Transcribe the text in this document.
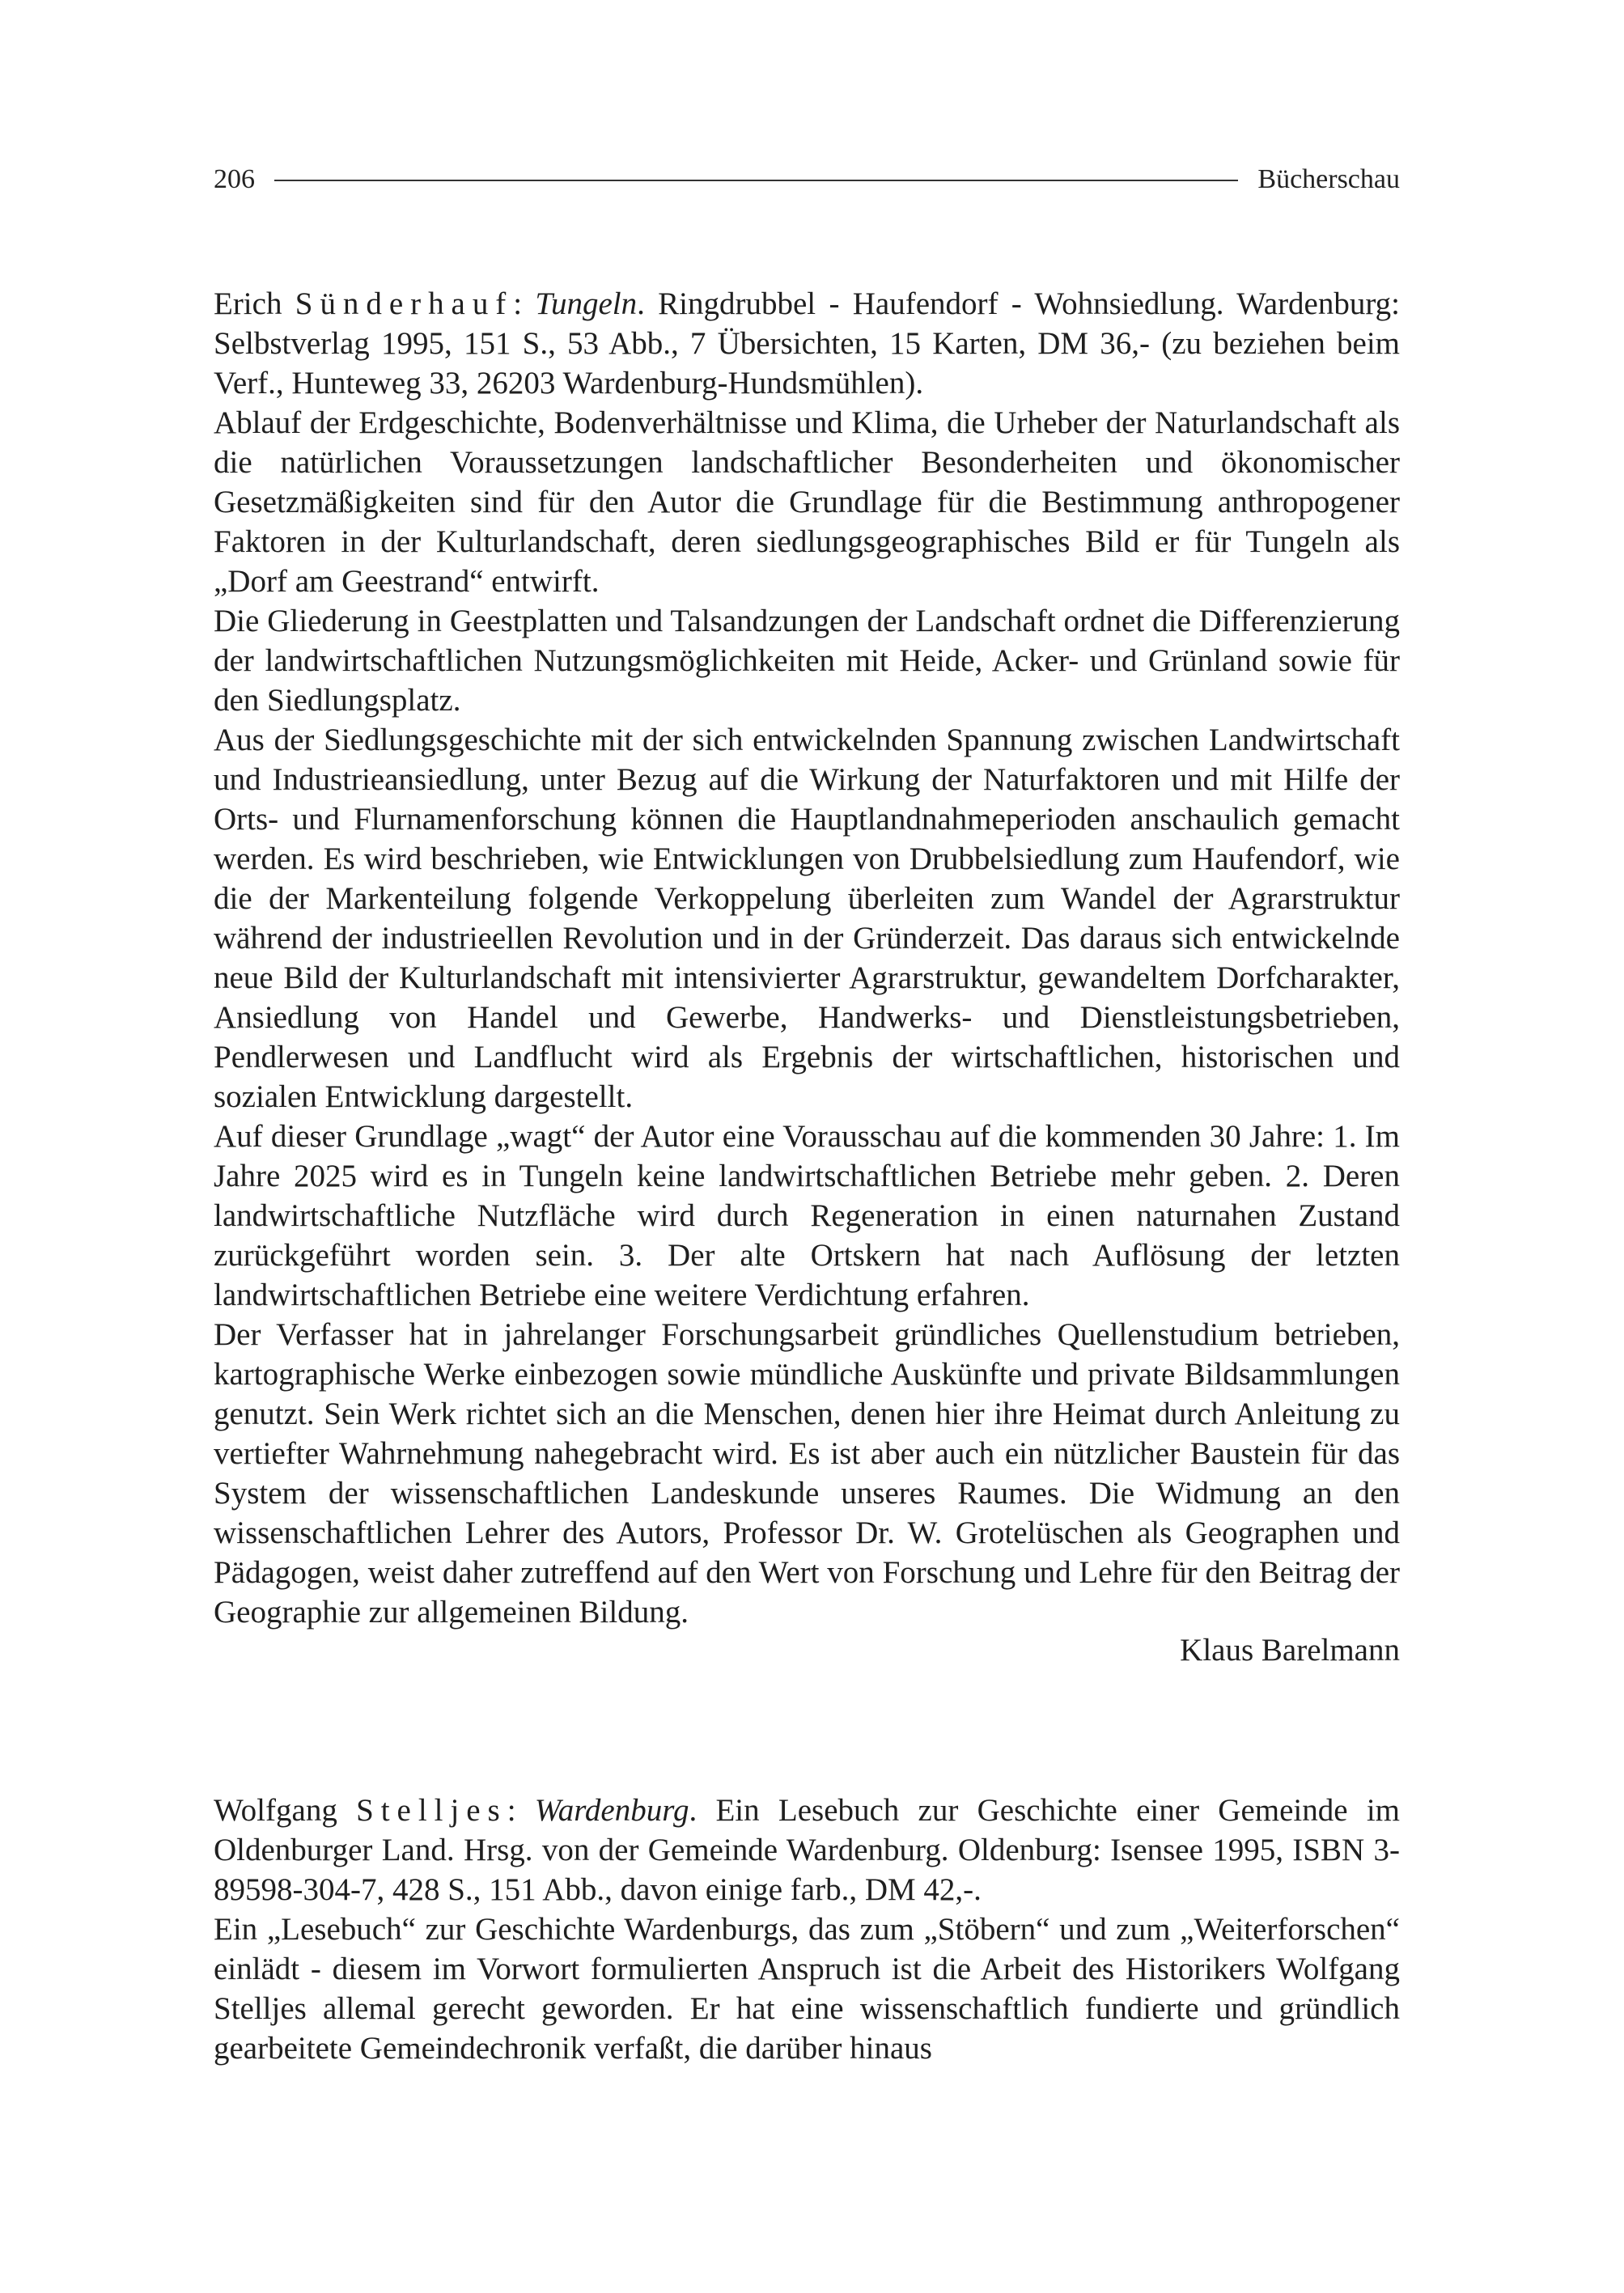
206	Bücherschau

Erich Sünderhauf: Tungeln. Ringdrubbel - Haufendorf - Wohnsiedlung. Wardenburg: Selbstverlag 1995, 151 S., 53 Abb., 7 Übersichten, 15 Karten, DM 36,- (zu beziehen beim Verf., Hunteweg 33, 26203 Wardenburg-Hundsmühlen).

Ablauf der Erdgeschichte, Bodenverhältnisse und Klima, die Urheber der Naturlandschaft als die natürlichen Voraussetzungen landschaftlicher Besonderheiten und ökonomischer Gesetzmäßigkeiten sind für den Autor die Grundlage für die Bestimmung anthropogener Faktoren in der Kulturlandschaft, deren siedlungsgeographisches Bild er für Tungeln als „Dorf am Geestrand“ entwirft.

Die Gliederung in Geestplatten und Talsandzungen der Landschaft ordnet die Differenzierung der landwirtschaftlichen Nutzungsmöglichkeiten mit Heide, Acker- und Grünland sowie für den Siedlungsplatz.

Aus der Siedlungsgeschichte mit der sich entwickelnden Spannung zwischen Landwirtschaft und Industrieansiedlung, unter Bezug auf die Wirkung der Naturfaktoren und mit Hilfe der Orts- und Flurnamenforschung können die Hauptlandnahmeperioden anschaulich gemacht werden. Es wird beschrieben, wie Entwicklungen von Drubbelsiedlung zum Haufendorf, wie die der Markenteilung folgende Verkoppelung überleiten zum Wandel der Agrarstruktur während der industrieellen Revolution und in der Gründerzeit. Das daraus sich entwickelnde neue Bild der Kulturlandschaft mit intensivierter Agrarstruktur, gewandeltem Dorfcharakter, Ansiedlung von Handel und Gewerbe, Handwerks- und Dienstleistungsbetrieben, Pendlerwesen und Landflucht wird als Ergebnis der wirtschaftlichen, historischen und sozialen Entwicklung dargestellt.

Auf dieser Grundlage „wagt“ der Autor eine Vorausschau auf die kommenden 30 Jahre: 1. Im Jahre 2025 wird es in Tungeln keine landwirtschaftlichen Betriebe mehr geben. 2. Deren landwirtschaftliche Nutzfläche wird durch Regeneration in einen naturnahen Zustand zurückgeführt worden sein. 3. Der alte Ortskern hat nach Auflösung der letzten landwirtschaftlichen Betriebe eine weitere Verdichtung erfahren.

Der Verfasser hat in jahrelanger Forschungsarbeit gründliches Quellenstudium betrieben, kartographische Werke einbezogen sowie mündliche Auskünfte und private Bildsammlungen genutzt. Sein Werk richtet sich an die Menschen, denen hier ihre Heimat durch Anleitung zu vertiefter Wahrnehmung nahegebracht wird. Es ist aber auch ein nützlicher Baustein für das System der wissenschaftlichen Landeskunde unseres Raumes. Die Widmung an den wissenschaftlichen Lehrer des Autors, Professor Dr. W. Grotelüschen als Geographen und Pädagogen, weist daher zutreffend auf den Wert von Forschung und Lehre für den Beitrag der Geographie zur allgemeinen Bildung.

Klaus Barelmann

Wolfgang Stelljes: Wardenburg. Ein Lesebuch zur Geschichte einer Gemeinde im Oldenburger Land. Hrsg. von der Gemeinde Wardenburg. Oldenburg: Isensee 1995, ISBN 3-89598-304-7, 428 S., 151 Abb., davon einige farb., DM 42,-.

Ein „Lesebuch“ zur Geschichte Wardenburgs, das zum „Stöbern“ und zum „Weiterforschen“ einlädt - diesem im Vorwort formulierten Anspruch ist die Arbeit des Historikers Wolfgang Stelljes allemal gerecht geworden. Er hat eine wissenschaftlich fundierte und gründlich gearbeitete Gemeindechronik verfaßt, die darüber hinaus
